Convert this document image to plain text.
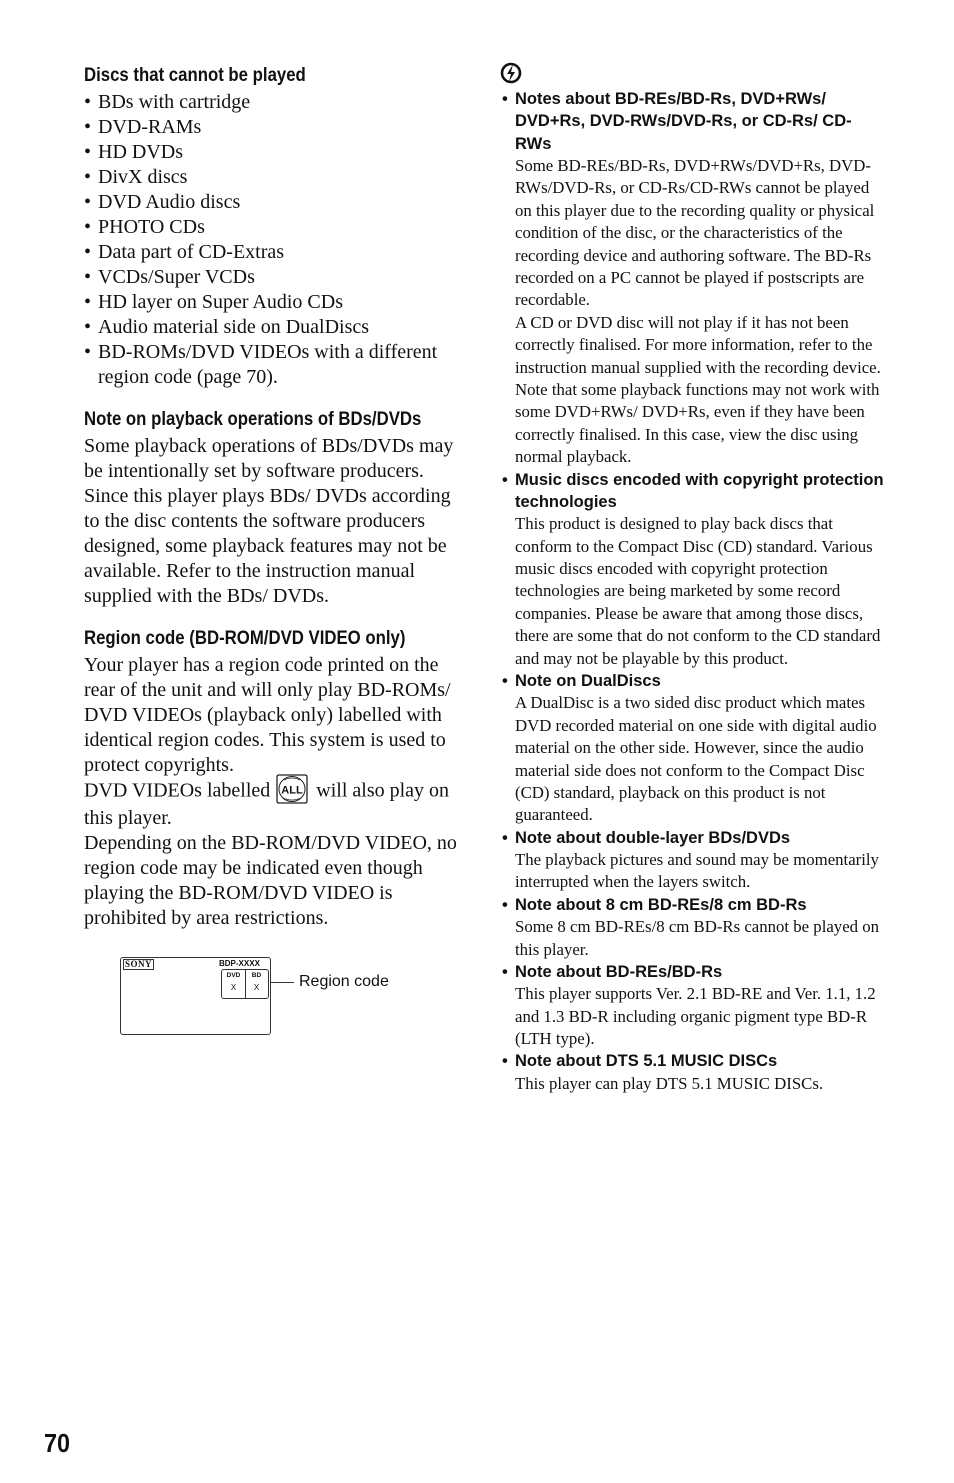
Discs that cannot be played
• BDs with cartridge
• DVD-RAMs
• HD DVDs
• DivX discs
• DVD Audio discs
• PHOTO CDs
• Data part of CD-Extras
• VCDs/Super VCDs
• HD layer on Super Audio CDs
• Audio material side on DualDiscs
• BD-ROMs/DVD VIDEOs with a different region code (page 70).
Note on playback operations of BDs/DVDs

Some playback operations of BDs/DVDs may be intentionally set by software producers. Since this player plays BDs/ DVDs according to the disc contents the software producers designed, some playback features may not be available. Refer to the instruction manual supplied with the BDs/ DVDs.

Region code (BD-ROM/DVD VIDEO only)

Your player has a region code printed on the rear of the unit and will only play BD-ROMs/ DVD VIDEOs (playback only) labelled with identical region codes. This system is used to protect copyrights.

DVD VIDEOs labelled ALL will also play on this player.

Depending on the BD-ROM/DVD VIDEO, no region code may be indicated even though playing the BD-ROM/DVD VIDEO is prohibited by area restrictions.

SONY	BDP-XXXX
DVD
X
BD
X	Region code
• Notes about BD-REs/BD-Rs, DVD+RWs/ DVD+Rs, DVD-RWs/DVD-Rs, or CD-Rs/ CD-RWs

Some BD-REs/BD-Rs, DVD+RWs/DVD+Rs, DVD-RWs/DVD-Rs, or CD-Rs/CD-RWs cannot be played on this player due to the recording quality or physical condition of the disc, or the characteristics of the recording device and authoring software. The BD-Rs recorded on a PC cannot be played if postscripts are recordable.

A CD or DVD disc will not play if it has not been correctly finalised. For more information, refer to the instruction manual supplied with the recording device. Note that some playback functions may not work with some DVD+RWs/ DVD+Rs, even if they have been correctly finalised. In this case, view the disc using normal playback.

• Music discs encoded with copyright protection technologies

This product is designed to play back discs that conform to the Compact Disc (CD) standard. Various music discs encoded with copyright protection technologies are being marketed by some record companies. Please be aware that among those discs, there are some that do not conform to the CD standard and may not be playable by this product.

• Note on DualDiscs

A DualDisc is a two sided disc product which mates DVD recorded material on one side with digital audio material on the other side. However, since the audio material side does not conform to the Compact Disc (CD) standard, playback on this product is not guaranteed.

• Note about double-layer BDs/DVDs

The playback pictures and sound may be momentarily interrupted when the layers switch.

• Note about 8 cm BD-REs/8 cm BD-Rs

Some 8 cm BD-REs/8 cm BD-Rs cannot be played on this player.

• Note about BD-REs/BD-Rs

This player supports Ver. 2.1 BD-RE and Ver. 1.1, 1.2 and 1.3 BD-R including organic pigment type BD-R (LTH type).

• Note about DTS 5.1 MUSIC DISCs

This player can play DTS 5.1 MUSIC DISCs.

70
